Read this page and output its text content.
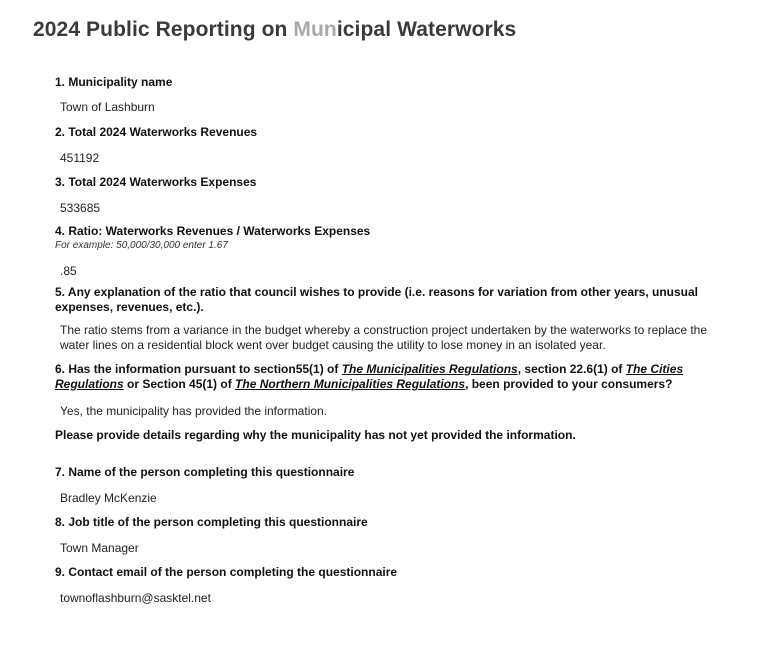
2024 Public Reporting on Municipal Waterworks
1. Municipality name
Town of Lashburn
2. Total 2024 Waterworks Revenues
451192
3. Total 2024 Waterworks Expenses
533685
4. Ratio: Waterworks Revenues / Waterworks Expenses
For example: 50,000/30,000 enter 1.67
.85
5. Any explanation of the ratio that council wishes to provide (i.e. reasons for variation from other years, unusual expenses, revenues, etc.).
The ratio stems from a variance in the budget whereby a construction project undertaken by the waterworks to replace the water lines on a residential block went over budget causing the utility to lose money in an isolated year.
6. Has the information pursuant to section55(1) of The Municipalities Regulations, section 22.6(1) of The Cities Regulations or Section 45(1) of The Northern Municipalities Regulations, been provided to your consumers?
Yes, the municipality has provided the information.
Please provide details regarding why the municipality has not yet provided the information.
7. Name of the person completing this questionnaire
Bradley McKenzie
8. Job title of the person completing this questionnaire
Town Manager
9. Contact email of the person completing the questionnaire
townoflashburn@sasktel.net
